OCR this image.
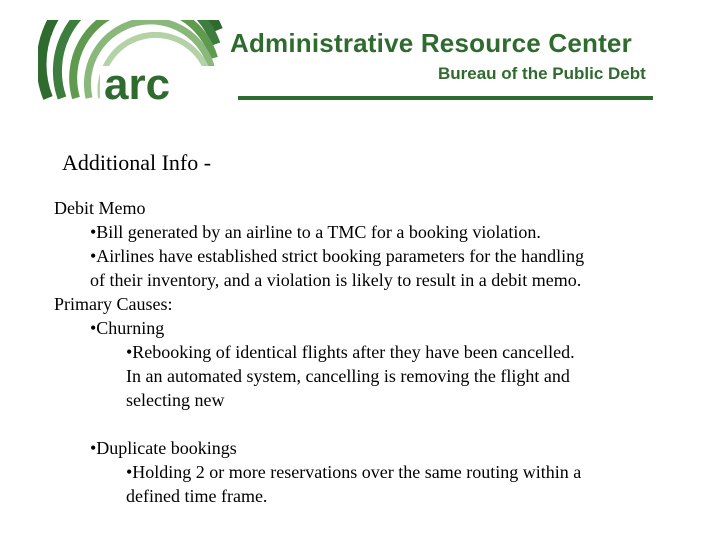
arc
Administrative Resource Center
Bureau of the Public Debt
Additional Info -
Debit Memo
•Bill generated by an airline to a TMC for a booking violation.
•Airlines have established strict booking parameters for the handling
of their inventory, and a violation is likely to result in a debit memo.
Primary Causes:
•Churning
•Rebooking of identical flights after they have been cancelled.
In an automated system, cancelling is removing the flight and
selecting new
•Duplicate bookings
•Holding 2 or more reservations over the same routing within a
defined time frame.
